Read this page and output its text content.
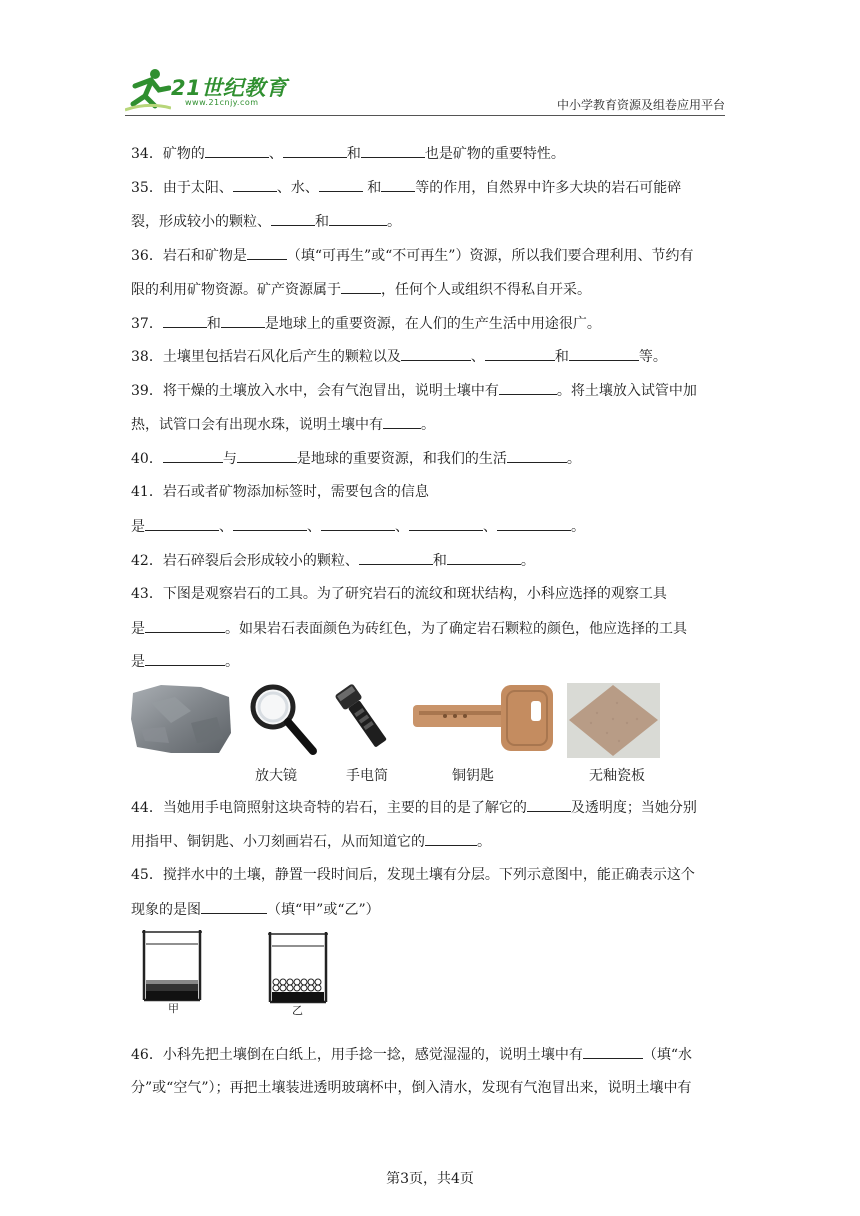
21世纪教育
www.21cnjy.com	中小学教育资源及组卷应用平台
34．矿物的	、	和	也是矿物的重要特性。
35．由于太阳、	、水、	和 等的作用，自然界中许多大块的岩石可能碎
裂，形成较小的颗粒、	和	。
36．岩石和矿物是	（填“可再生”或“不可再生”）资源，所以我们要合理利用、节约有
限的利用矿物资源。矿产资源属于	，任何个人或组织不得私自开采。
37．	和	是地球上的重要资源，在人们的生产生活中用途很广。
38．土壤里包括岩石风化后产生的颗粒以及	、	和	等。
39．将干燥的土壤放入水中，会有气泡冒出，说明土壤中有	。将土壤放入试管中加
热，试管口会有出现水珠，说明土壤中有	。
40．	与	是地球的重要资源，和我们的生活	。
41．岩石或者矿物添加标签时，需要包含的信息
是	、	、	、	、	。
42．岩石碎裂后会形成较小的颗粒、	和	。
43．下图是观察岩石的工具。为了研究岩石的流纹和斑状结构，小科应选择的观察工具
是	。如果岩石表面颜色为砖红色，为了确定岩石颗粒的颜色，他应选择的工具
是	。
放大镜	手电筒	铜钥匙	无釉瓷板
44．当她用手电筒照射这块奇特的岩石，主要的目的是了解它的	及透明度；当她分别
用指甲、铜钥匙、小刀刻画岩石，从而知道它的	。
45．搅拌水中的土壤，静置一段时间后，发现土壤有分层。下列示意图中，能正确表示这个
现象的是图	（填“甲”或“乙”）
甲	乙
46．小科先把土壤倒在白纸上，用手捻一捻，感觉湿湿的，说明土壤中有	（填“水
分”或“空气”）；再把土壤装进透明玻璃杯中，倒入清水，发现有气泡冒出来，说明土壤中有
第3页，共4页
